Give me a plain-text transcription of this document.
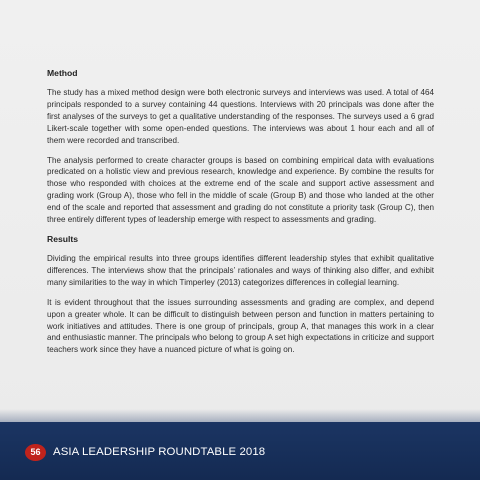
Method

The study has a mixed method design were both electronic surveys and interviews was used. A total of 464 principals responded to a survey containing 44 questions. Interviews with 20 principals was done after the first analyses of the surveys to get a qualitative understanding of the responses. The surveys used a 6 grad Likert-scale together with some open-ended questions. The interviews was about 1 hour each and all of them were recorded and transcribed.

The analysis performed to create character groups is based on combining empirical data with evaluations predicated on a holistic view and previous research, knowledge and experience. By combine the results for those who responded with choices at the extreme end of the scale and support active assessment and grading work (Group A), those who fell in the middle of scale (Group B) and those who landed at the other end of the scale and reported that assessment and grading do not constitute a priority task (Group C), then three entirely different types of leadership emerge with respect to assessments and grading.

Results

Dividing the empirical results into three groups identifies different leadership styles that exhibit qualitative differences. The interviews show that the principals’ rationales and ways of thinking also differ, and exhibit many similarities to the way in which Timperley (2013) categorizes differences in collegial learning.

It is evident throughout that the issues surrounding assessments and grading are complex, and depend upon a greater whole. It can be difficult to distinguish between person and function in matters pertaining to work initiatives and attitudes. There is one group of principals, group A, that manages this work in a clear and enthusiastic manner. The principals who belong to group A set high expectations in criticize and support teachers work since they have a nuanced picture of what is going on.

56	ASIA LEADERSHIP ROUNDTABLE 2018
